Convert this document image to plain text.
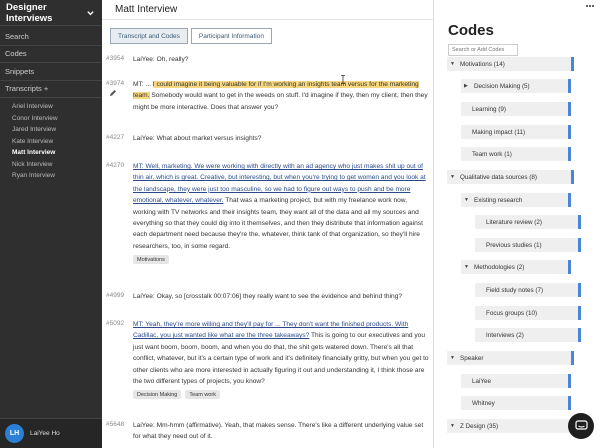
Designer Interviews
Search
Codes
Snippets
Transcripts +
Ariel Interview
Conor Interview
Jared Interview
Kate Interview
Matt Interview
Nick Interview
Ryan Interview
LH	LaiYee Ho
Matt Interview
Transcript and Codes	Participant Information
#3954 LaiYee: Oh, really?
#3974 MT: ... I could imagine it being valuable for if I'm working an insights team versus for the marketing team. Somebody would want to get in the weeds on stuff. I'd imagine if they, then my client, then they might be more interactive. Does that answer you?
#4227 LaiYee: What about market versus insights?
#4270 MT: Well, marketing. We were working with directly with an ad agency who just makes shit up out of thin air, which is great. Creative, but interesting, but when you're trying to get women and you look at the landscape, they were just too masculine, so we had to figure out ways to push and be more emotional, whatever, whatever. That was a marketing project, but with my freelance work now, working with TV networks and their insights team, they want all of the data and all my sources and everything so that they could dig into it themselves, and then they distribute that information against each department need because they're the, whatever, think tank of that organization, so they'll hire researchers, too, in some regard.
Motivations
#4999 LaiYee: Okay, so [crosstalk 00:07:06] they really want to see the evidence and behind thing?
#5092 MT: Yeah, they're more willing and they'll pay for ... They don't want the finished products. With Cadillac, you just wanted like what are the three takeaways? This is going to our executives and you just want boom, boom, boom, and when you do that, the shit gets watered down. There's all that conflict, whatever, but it's a certain type of work and it's definitely financially gritty, but when you get to other clients who are more interested in actually figuring it out and understanding it, I think those are the two different types of projects, you know?
Decision Making	Team work
#5648 LaiYee: Mm-hmm (affirmative). Yeah, that makes sense. There's like a different underlying value set for what they need out of it.
Codes
Search or Add Codes
▼ Motivations (14)
▶ Decision Making (5)
Learning (9)
Making impact (11)
Team work (1)
▼ Qualitative data sources (8)
▼ Existing research
Literature review (2)
Previous studies (1)
▼ Methodologies (2)
Field study notes (7)
Focus groups (10)
Interviews (2)
▼ Speaker
LaiYee
Whitney
▼ Z Design (35)
